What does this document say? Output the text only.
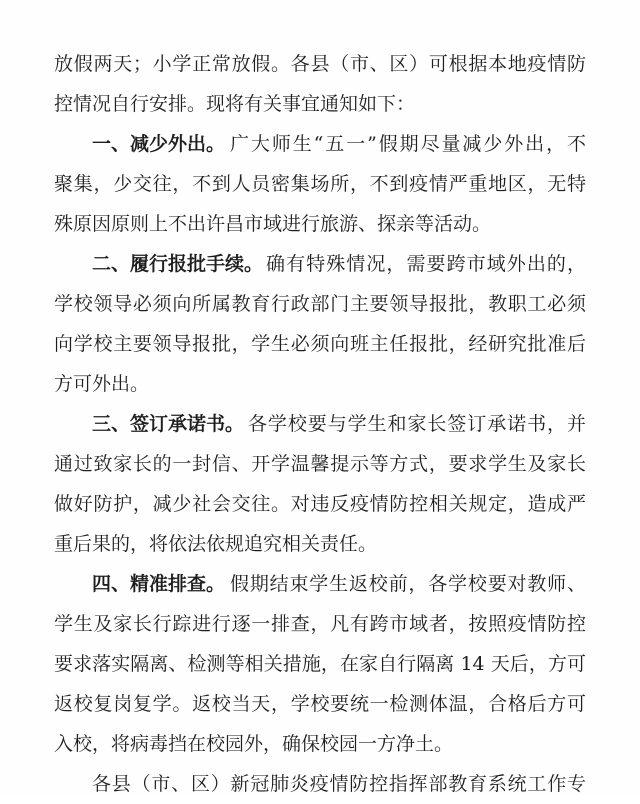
放假两天；小学正常放假。各县（市、区）可根据本地疫情防

控情况自行安排。现将有关事宜通知如下：

一、减少外出。 广大师生“五一”假期尽量减少外出，不

聚集，少交往，不到人员密集场所，不到疫情严重地区，无特

殊原因原则上不出许昌市域进行旅游、探亲等活动。

二、履行报批手续。 确有特殊情况，需要跨市域外出的，

学校领导必须向所属教育行政部门主要领导报批，教职工必须

向学校主要领导报批，学生必须向班主任报批，经研究批准后

方可外出。

三、签订承诺书。 各学校要与学生和家长签订承诺书，并

通过致家长的一封信、开学温馨提示等方式，要求学生及家长

做好防护，减少社会交往。对违反疫情防控相关规定，造成严

重后果的，将依法依规追究相关责任。

四、精准排查。 假期结束学生返校前，各学校要对教师、

学生及家长行踪进行逐一排查，凡有跨市域者，按照疫情防控

要求落实隔离、检测等相关措施，在家自行隔离 14 天后，方可

返校复岗复学。返校当天，学校要统一检测体温，合格后方可

入校，将病毒挡在校园外，确保校园一方净土。

各县（市、区）新冠肺炎疫情防控指挥部教育系统工作专
